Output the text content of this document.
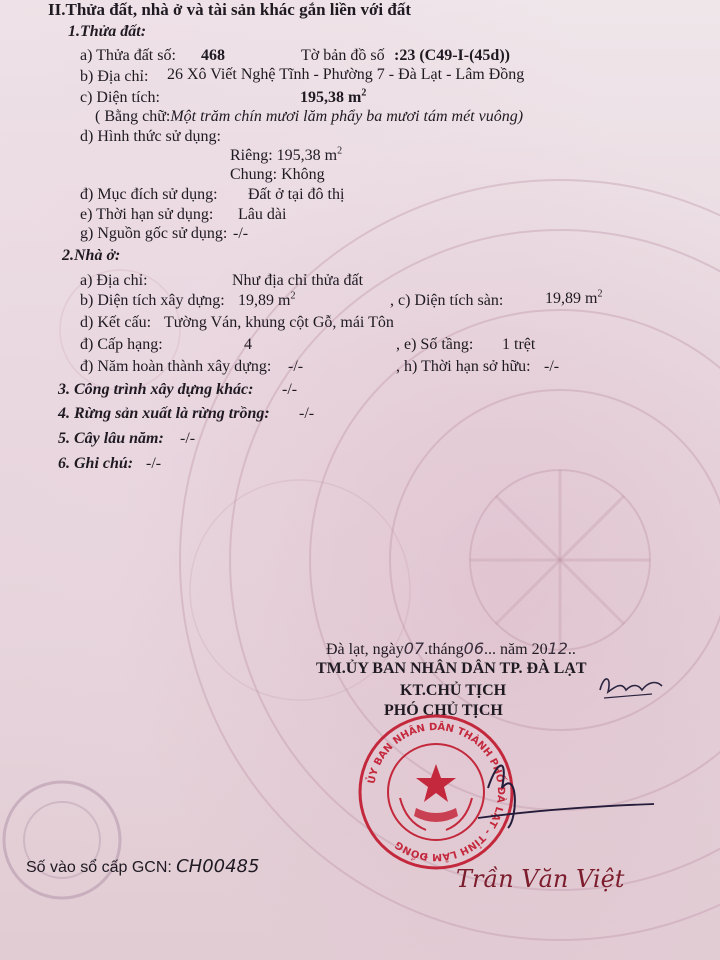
II.Thửa đất, nhà ở và tài sản khác gắn liền với đất
1.Thửa đất:
a) Thửa đất số: 468	Tờ bản đồ số :23 (C49-I-(45d))
b) Địa chỉ: 26 Xô Viết Nghệ Tĩnh - Phường 7 - Đà Lạt - Lâm Đồng
c) Diện tích:	195,38 $m^2$
( Bằng chữ:Một trăm chín mươi lăm phẩy ba mươi tám mét vuông)
d) Hình thức sử dụng:
Riêng: 195,38 $m^2$
Chung: Không
đ) Mục đích sử dụng: Đất ở tại đô thị
e) Thời hạn sử dụng: Lâu dài
g) Nguồn gốc sử dụng: -/-
2.Nhà ở:
a) Địa chỉ:	Như địa chỉ thửa đất
b) Diện tích xây dựng: 19,89 $m^2$	, c) Diện tích sàn:	19,89 $m^2$
d) Kết cấu: Tường Ván, khung cột Gỗ, mái Tôn
đ) Cấp hạng:	4	, e) Số tầng: 1 trệt
đ) Năm hoàn thành xây dựng: -/-	, h) Thời hạn sở hữu: -/-
3. Công trình xây dựng khác: -/-
4. Rừng sản xuất là rừng trồng: -/-
5. Cây lâu năm: -/-
6. Ghi chú: -/-
Đà lạt, ngày07.tháng06... năm 2012..
TM.ỦY BAN NHÂN DÂN TP. ĐÀ LẠT
KT.CHỦ TỊCH
PHÓ CHỦ TỊCH
ỦY BAN NHÂN DÂN THÀNH PHỐ ĐÀ LẠT - TỈNH LÂM ĐỒNG
Trần Văn Việt
Số vào sổ cấp GCN: CH00485
